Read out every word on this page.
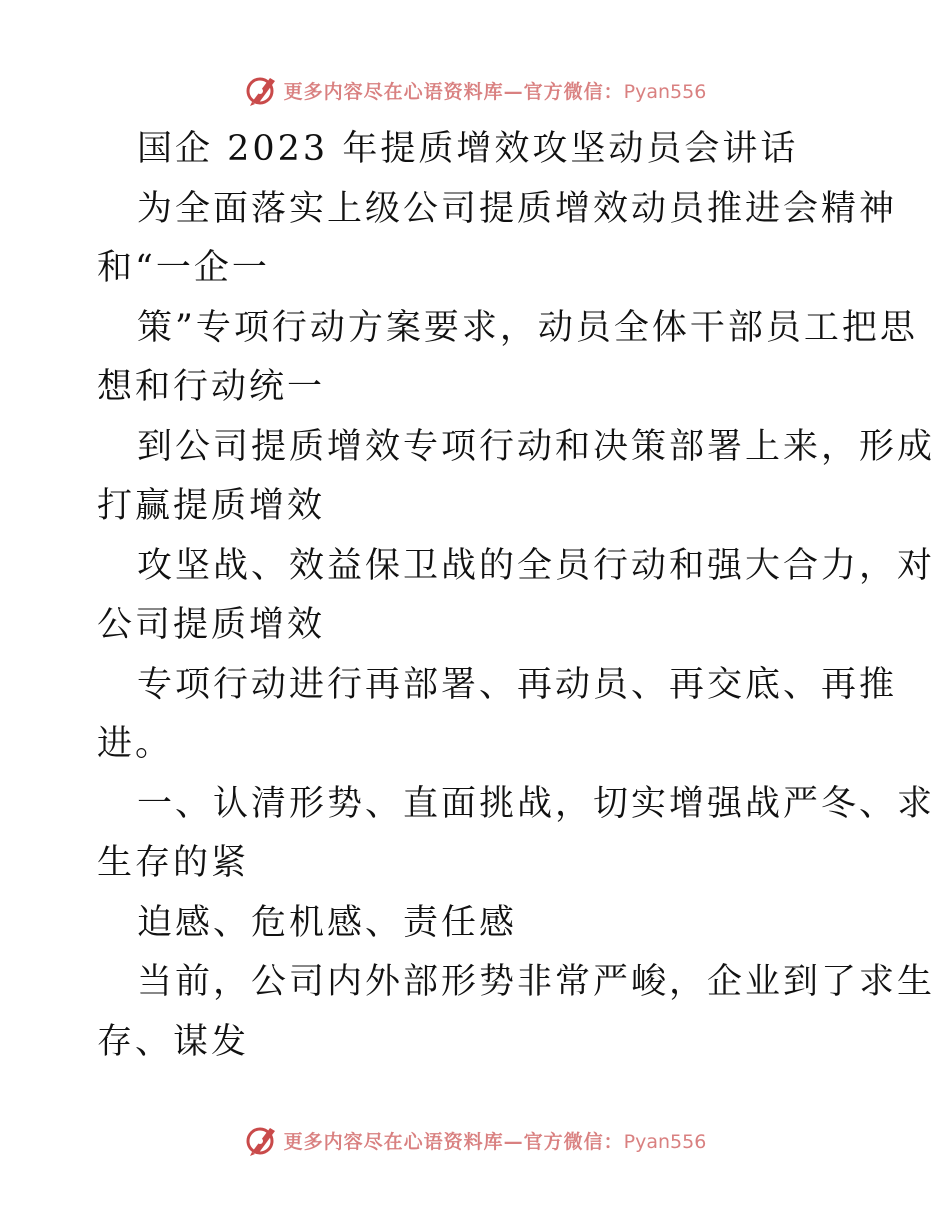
更多内容尽在心语资料库—官方微信：Pyan556
国企 2023 年提质增效攻坚动员会讲话
为全面落实上级公司提质增效动员推进会精神
和“一企一
策”专项行动方案要求，动员全体干部员工把思
想和行动统一
到公司提质增效专项行动和决策部署上来，形成
打赢提质增效
攻坚战、效益保卫战的全员行动和强大合力，对
公司提质增效
专项行动进行再部署、再动员、再交底、再推
进。
一、认清形势、直面挑战，切实增强战严冬、求
生存的紧
迫感、危机感、责任感
当前，公司内外部形势非常严峻，企业到了求生
存、谋发
更多内容尽在心语资料库—官方微信：Pyan556
